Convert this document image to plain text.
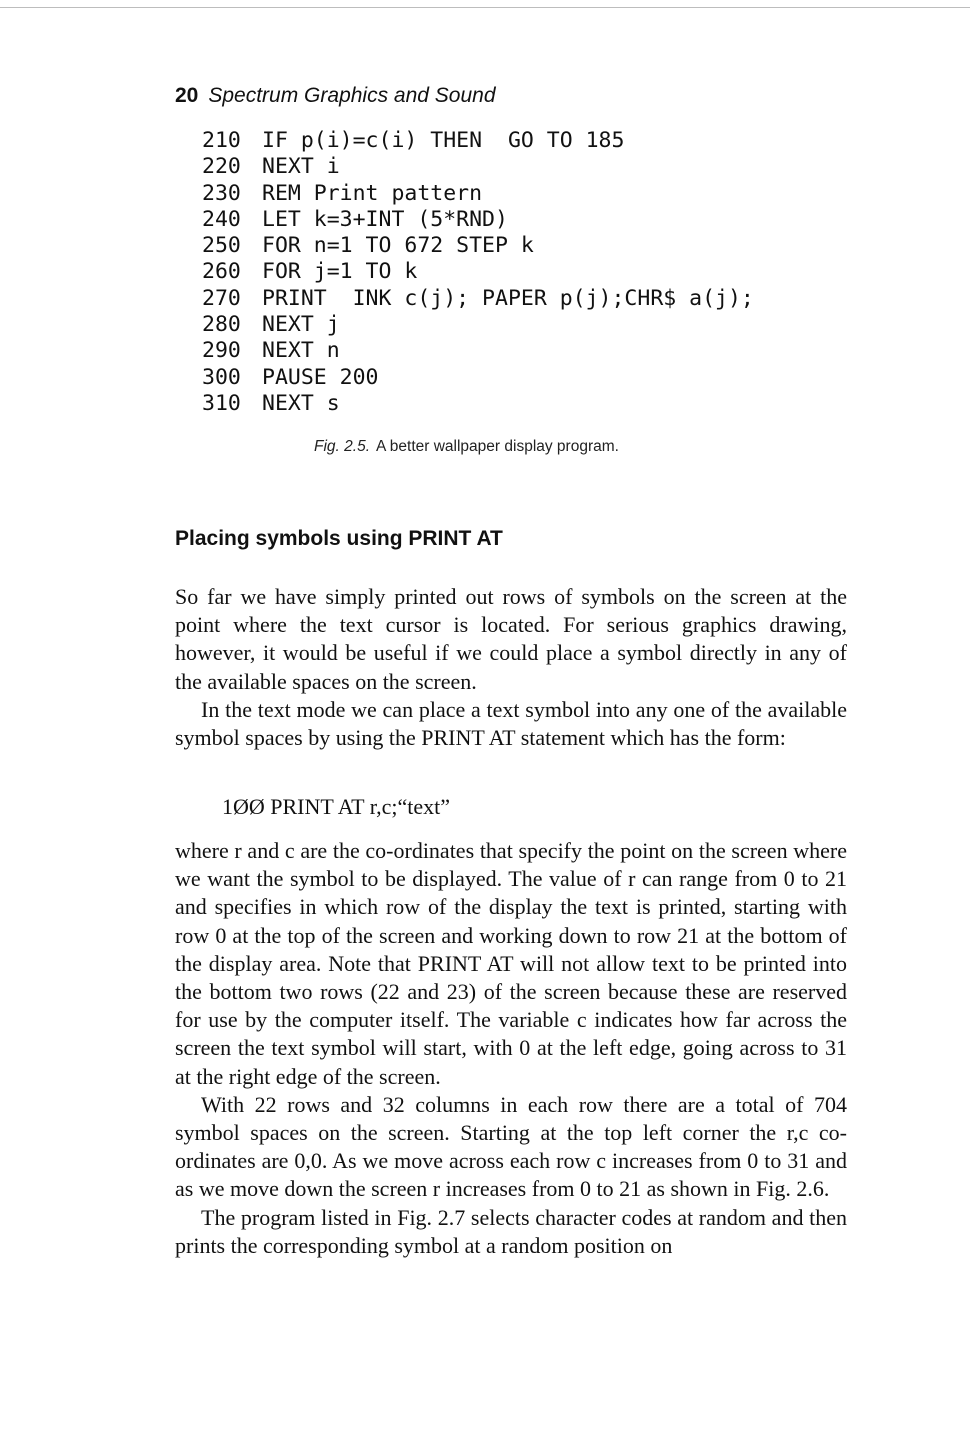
20 Spectrum Graphics and Sound
210 IF p(i)=c(i) THEN  GO TO 185
220 NEXT i
230 REM Print pattern
240 LET k=3+INT (5*RND)
250 FOR n=1 TO 672 STEP k
260 FOR j=1 TO k
270 PRINT  INK c(j); PAPER p(j);CHR$ a(j);
280 NEXT j
290 NEXT n
300 PAUSE 200
310 NEXT s
Fig. 2.5. A better wallpaper display program.
Placing symbols using PRINT AT

So far we have simply printed out rows of symbols on the screen at the point where the text cursor is located. For serious graphics drawing, however, it would be useful if we could place a symbol directly in any of the available spaces on the screen.

In the text mode we can place a text symbol into any one of the available symbol spaces by using the PRINT AT statement which has the form:

1ØØ PRINT AT r,c;“text”

where r and c are the co-ordinates that specify the point on the screen where we want the symbol to be displayed. The value of r can range from 0 to 21 and specifies in which row of the display the text is printed, starting with row 0 at the top of the screen and working down to row 21 at the bottom of the display area. Note that PRINT AT will not allow text to be printed into the bottom two rows (22 and 23) of the screen because these are reserved for use by the computer itself. The variable c indicates how far across the screen the text symbol will start, with 0 at the left edge, going across to 31 at the right edge of the screen.

With 22 rows and 32 columns in each row there are a total of 704 symbol spaces on the screen. Starting at the top left corner the r,c co-ordinates are 0,0. As we move across each row c increases from 0 to 31 and as we move down the screen r increases from 0 to 21 as shown in Fig. 2.6.

The program listed in Fig. 2.7 selects character codes at random and then prints the corresponding symbol at a random position on
